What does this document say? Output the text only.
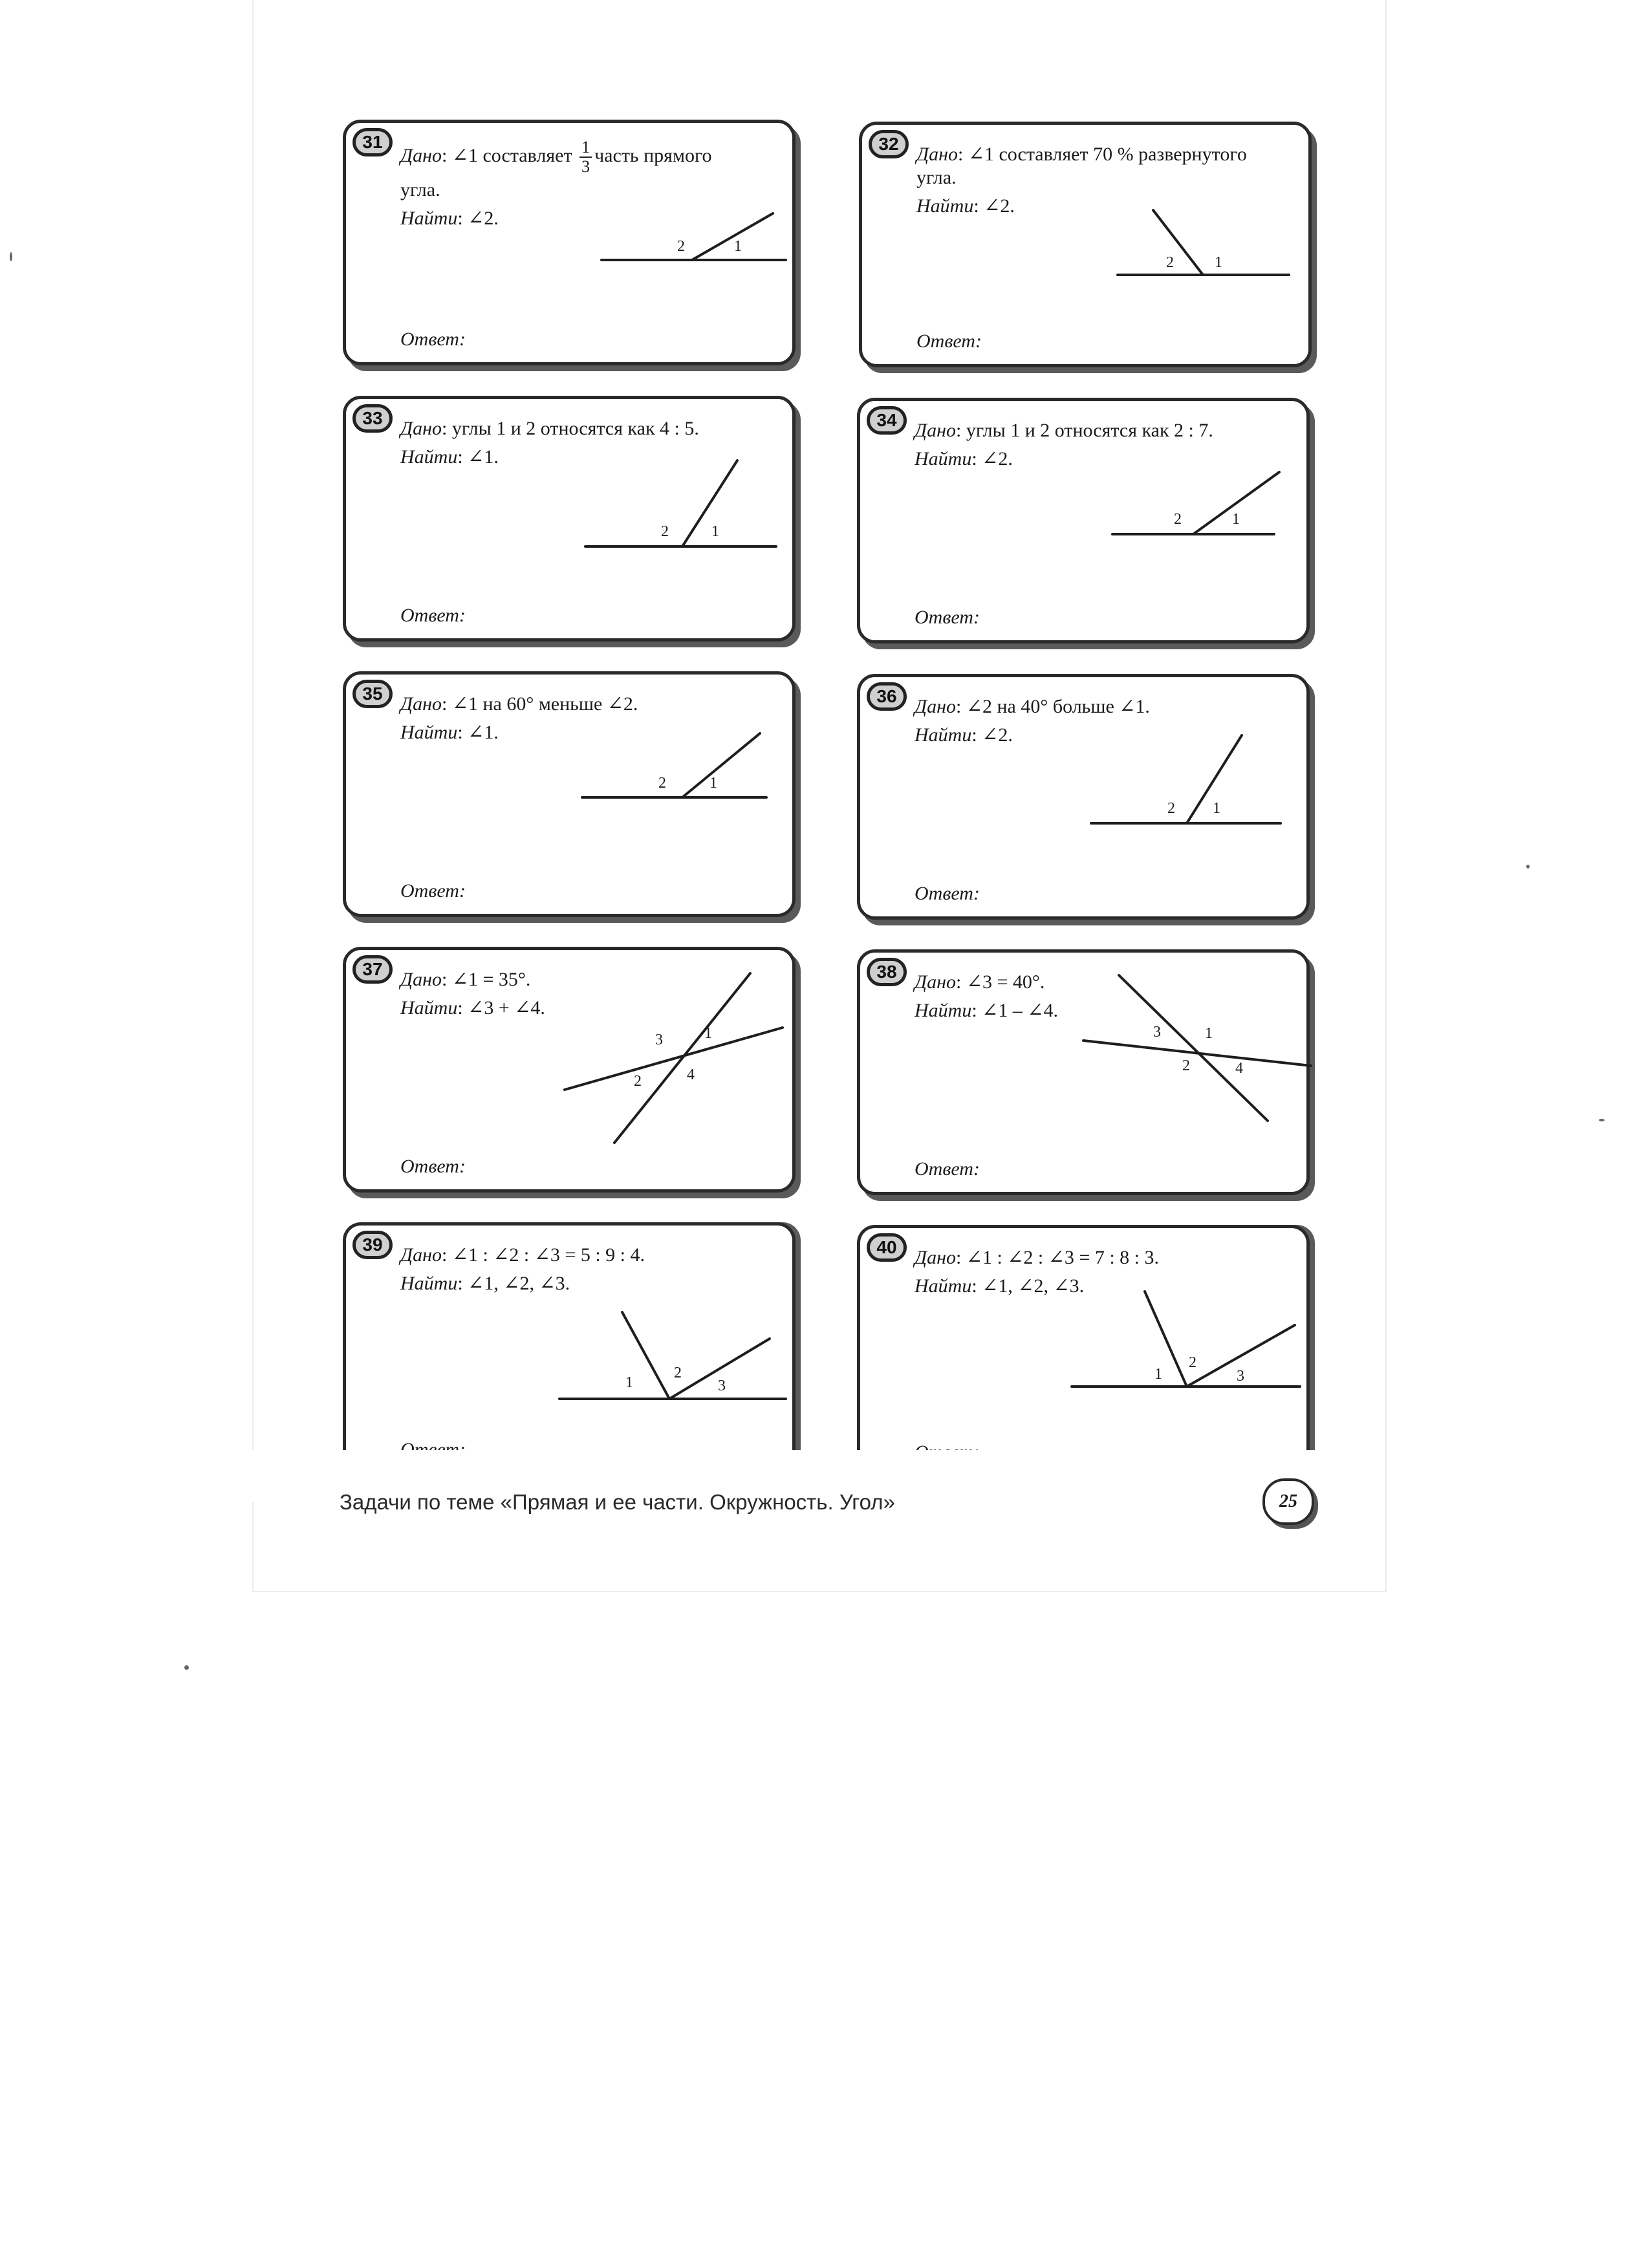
31
Дано: ∠1 составляет $\frac{1}{3}$ часть прямого
угла.
Найти: ∠2.
2	1
Ответ:
32 Дано: ∠1 составляет 70 % развернутого
угла.
Найти: ∠2.
2	1
Ответ:
33 Дано: углы 1 и 2 относятся как 4 : 5.
Найти: ∠1.
2	1
Ответ:
34 Дано: углы 1 и 2 относятся как 2 : 7.
Найти: ∠2.
2	1
Ответ:
35 Дано: ∠1 на 60° меньше ∠2.
Найти: ∠1.
2	1
Ответ:
36 Дано: ∠2 на 40° больше ∠1.
Найти: ∠2.
2 1
Ответ:
37 Дано: ∠1 = 35°.
Найти: ∠3 + ∠4.
3	1
2	4
Ответ:
38 Дано: ∠3 = 40°.
Найти: ∠1 – ∠4.
3	1
2	4
Ответ:
39 Дано: ∠1 : ∠2 : ∠3 = 5 : 9 : 4.
Найти: ∠1, ∠2, ∠3.
1
2
3
40 Дано: ∠1 : ∠2 : ∠3 = 7 : 8 : 3.
Найти: ∠1, ∠2, ∠3.
1
2
3
Задачи по теме «Прямая и ее части. Окружность. Угол»	25
